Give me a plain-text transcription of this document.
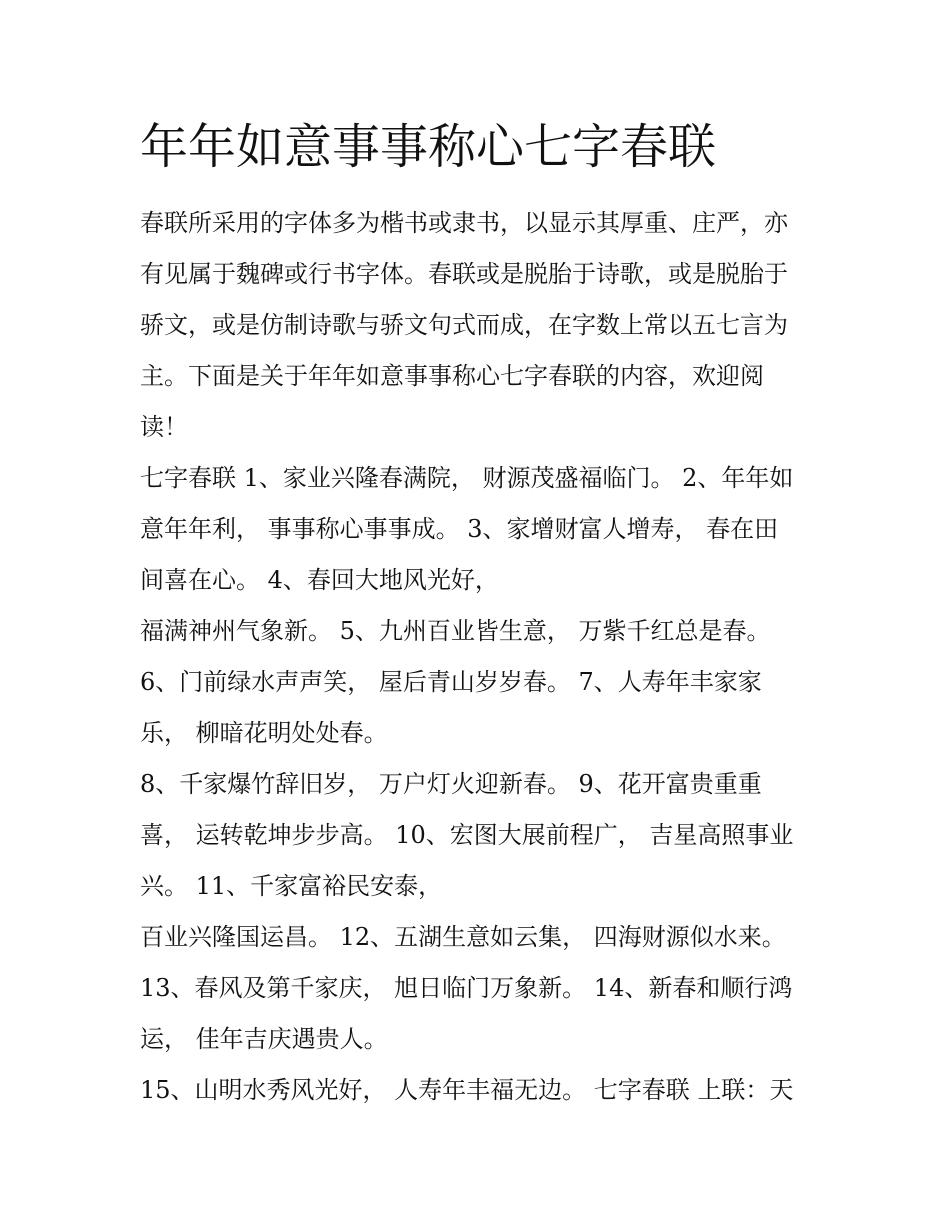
年年如意事事称心七字春联

春联所采用的字体多为楷书或隶书，以显示其厚重、庄严，亦

有见属于魏碑或行书字体。春联或是脱胎于诗歌，或是脱胎于

骄文，或是仿制诗歌与骄文句式而成，在字数上常以五七言为

主。下面是关于年年如意事事称心七字春联的内容，欢迎阅

读！

七字春联 1、家业兴隆春满院， 财源茂盛福临门。 2、年年如

意年年利， 事事称心事事成。 3、家增财富人增寿， 春在田

间喜在心。 4、春回大地风光好，

福满神州气象新。 5、九州百业皆生意， 万紫千红总是春。

6、门前绿水声声笑， 屋后青山岁岁春。 7、人寿年丰家家

乐， 柳暗花明处处春。

8、千家爆竹辞旧岁， 万户灯火迎新春。 9、花开富贵重重

喜， 运转乾坤步步高。 10、宏图大展前程广， 吉星高照事业

兴。 11、千家富裕民安泰，

百业兴隆国运昌。 12、五湖生意如云集， 四海财源似水来。

13、春风及第千家庆， 旭日临门万象新。 14、新春和顺行鸿

运， 佳年吉庆遇贵人。

15、山明水秀风光好， 人寿年丰福无边。 七字春联 上联：天
